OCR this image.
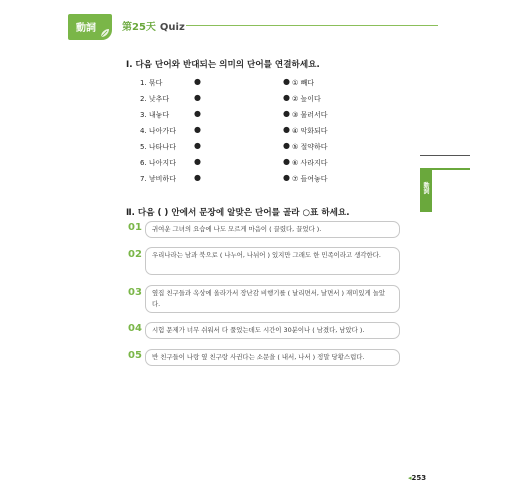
動詞	第25天 Quiz
Ⅰ. 다음 단어와 반대되는 의미의 단어를 연결하세요.
1. 묶다	●	● ① 빼다
2. 낮추다	●	● ② 높이다
3. 내놓다	●	● ③ 물러서다
4. 나아가다 ●	● ④ 악화되다
5. 나타나다 ●	● ⑤ 절약하다
6. 나아지다 ●	● ⑥ 사라지다
7. 낳비하다 ●	● ⑦ 들여놓다
Ⅱ. 다음 ( ) 안에서 문장에 알맞은 단어를 골라 ○표 하세요.
01	귀여운 그녀의 요습에 나도 모르게 마음이 ( 끌렸다, 끌었다 ).
02	우리나라는 남과 북으로 ( 나누어, 나뉘어 ) 있지만 그래도 한 민족이라고 생각한다.
03	옆집 친구들과 옥상에 올라가서 장난감 비행기를 ( 날리면서, 날면서 ) 재미있게 놀았다.
04	시험 문제가 너무 쉬워서 다 풀었는데도 시간이 30분이나 ( 남겼다, 남았다 ).
05	반 친구들이 나랑 옆 친구랑 사귄다는 소문을 ( 내서, 나서 ) 정말 당황스럽다.
動詞
◂253
